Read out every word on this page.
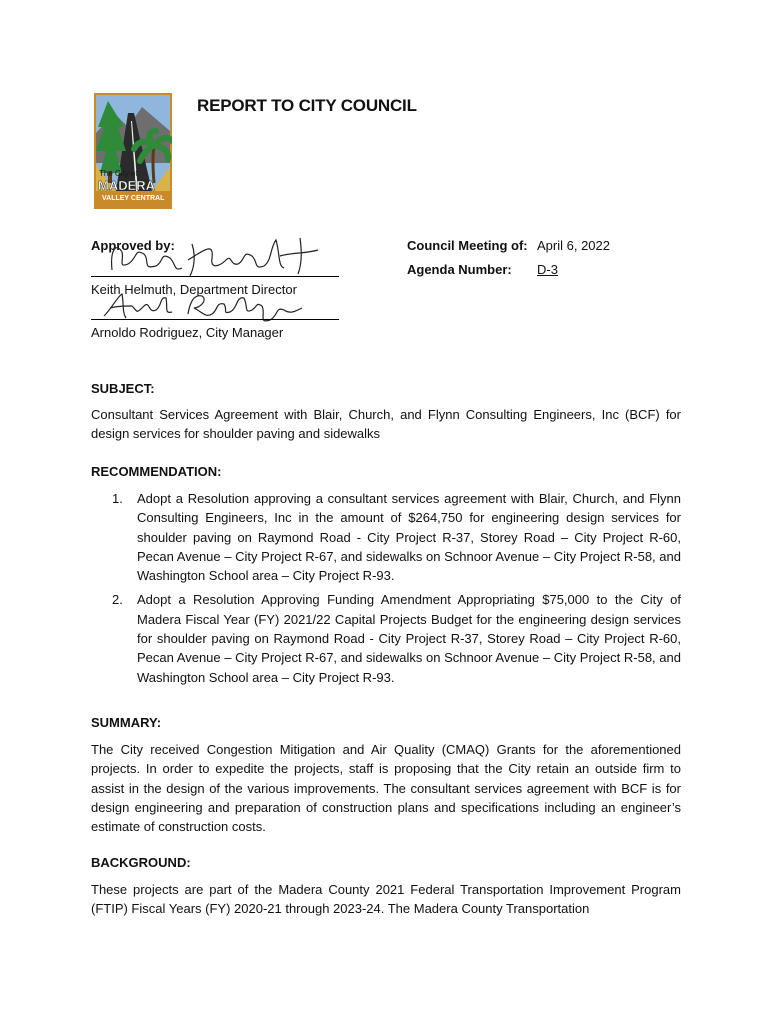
The City of
MADERA
VALLEY CENTRAL
REPORT TO CITY COUNCIL
Approved by:
Keith Helmuth, Department Director
Arnoldo Rodriguez, City Manager
Council Meeting of: April 6, 2022
Agenda Number: D-3
SUBJECT:
Consultant Services Agreement with Blair, Church, and Flynn Consulting Engineers, Inc (BCF) for design services for shoulder paving and sidewalks
RECOMMENDATION:
1. Adopt a Resolution approving a consultant services agreement with Blair, Church, and Flynn Consulting Engineers, Inc in the amount of $264,750 for engineering design services for shoulder paving on Raymond Road - City Project R-37, Storey Road – City Project R-60, Pecan Avenue – City Project R-67, and sidewalks on Schnoor Avenue – City Project R-58, and Washington School area – City Project R-93.
2. Adopt a Resolution Approving Funding Amendment Appropriating $75,000 to the City of Madera Fiscal Year (FY) 2021/22 Capital Projects Budget for the engineering design services for shoulder paving on Raymond Road - City Project R-37, Storey Road – City Project R-60, Pecan Avenue – City Project R-67, and sidewalks on Schnoor Avenue – City Project R-58, and Washington School area – City Project R-93.
SUMMARY:
The City received Congestion Mitigation and Air Quality (CMAQ) Grants for the aforementioned projects. In order to expedite the projects, staff is proposing that the City retain an outside firm to assist in the design of the various improvements. The consultant services agreement with BCF is for design engineering and preparation of construction plans and specifications including an engineer’s estimate of construction costs.
BACKGROUND:
These projects are part of the Madera County 2021 Federal Transportation Improvement Program (FTIP) Fiscal Years (FY) 2020-21 through 2023-24. The Madera County Transportation
